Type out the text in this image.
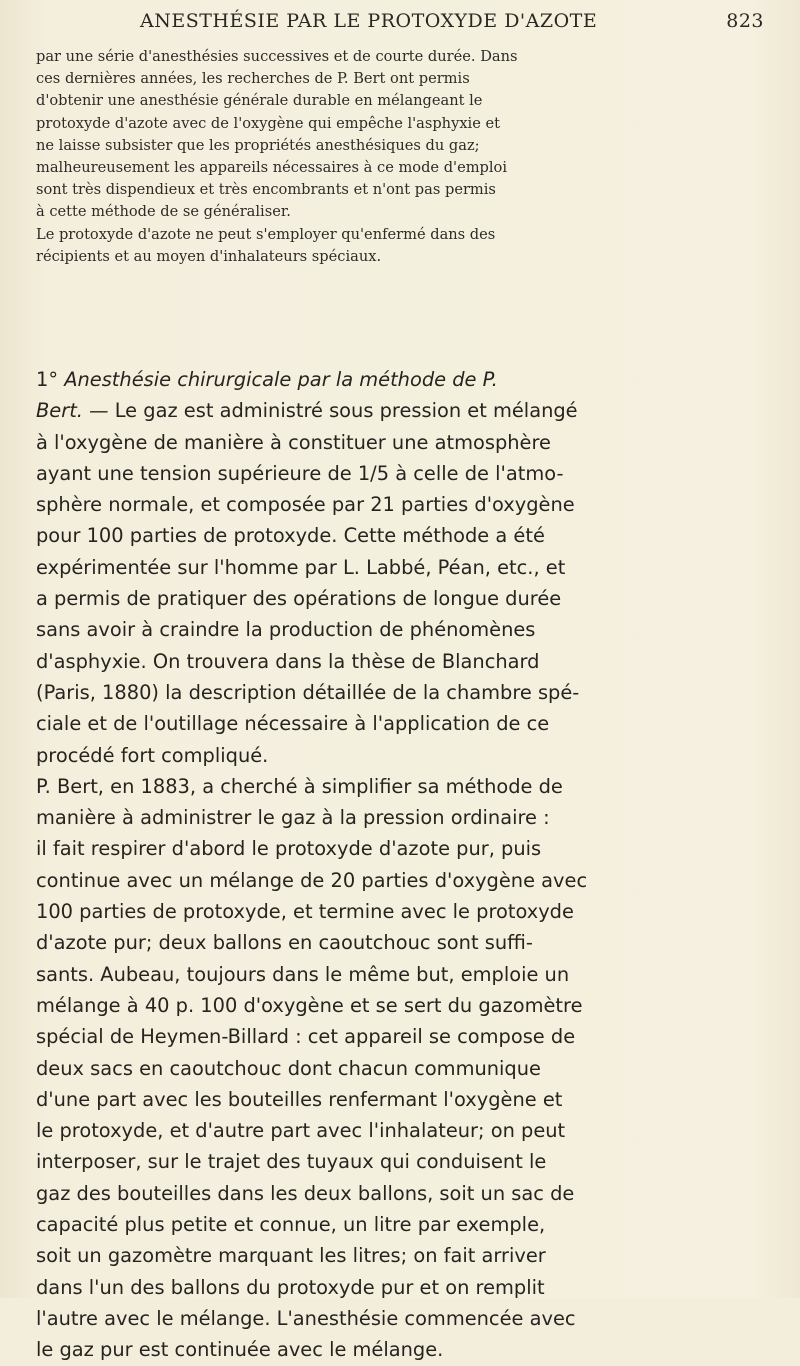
ANESTHÉSIE PAR LE PROTOXYDE D'AZOTE	823
par une série d'anesthésies successives et de courte durée. Dans
ces dernières années, les recherches de P. Bert ont permis
d'obtenir une anesthésie générale durable en mélangeant le
protoxyde d'azote avec de l'oxygène qui empêche l'asphyxie et
ne laisse subsister que les propriétés anesthésiques du gaz;
malheureusement les appareils nécessaires à ce mode d'emploi
sont très dispendieux et très encombrants et n'ont pas permis
à cette méthode de se généraliser.
Le protoxyde d'azote ne peut s'employer qu'enfermé dans des
récipients et au moyen d'inhalateurs spéciaux.
1° Anesthésie chirurgicale par la méthode de P.
Bert. — Le gaz est administré sous pression et mélangé
à l'oxygène de manière à constituer une atmosphère
ayant une tension supérieure de 1/5 à celle de l'atmo-
sphère normale, et composée par 21 parties d'oxygène
pour 100 parties de protoxyde. Cette méthode a été
expérimentée sur l'homme par L. Labbé, Péan, etc., et
a permis de pratiquer des opérations de longue durée
sans avoir à craindre la production de phénomènes
d'asphyxie. On trouvera dans la thèse de Blanchard
(Paris, 1880) la description détaillée de la chambre spé-
ciale et de l'outillage nécessaire à l'application de ce
procédé fort compliqué.
P. Bert, en 1883, a cherché à simplifier sa méthode de
manière à administrer le gaz à la pression ordinaire :
il fait respirer d'abord le protoxyde d'azote pur, puis
continue avec un mélange de 20 parties d'oxygène avec
100 parties de protoxyde, et termine avec le protoxyde
d'azote pur; deux ballons en caoutchouc sont suffi-
sants. Aubeau, toujours dans le même but, emploie un
mélange à 40 p. 100 d'oxygène et se sert du gazomètre
spécial de Heymen-Billard : cet appareil se compose de
deux sacs en caoutchouc dont chacun communique
d'une part avec les bouteilles renfermant l'oxygène et
le protoxyde, et d'autre part avec l'inhalateur; on peut
interposer, sur le trajet des tuyaux qui conduisent le
gaz des bouteilles dans les deux ballons, soit un sac de
capacité plus petite et connue, un litre par exemple,
soit un gazomètre marquant les litres; on fait arriver
dans l'un des ballons du protoxyde pur et on remplit
l'autre avec le mélange. L'anesthésie commencée avec
le gaz pur est continuée avec le mélange.
